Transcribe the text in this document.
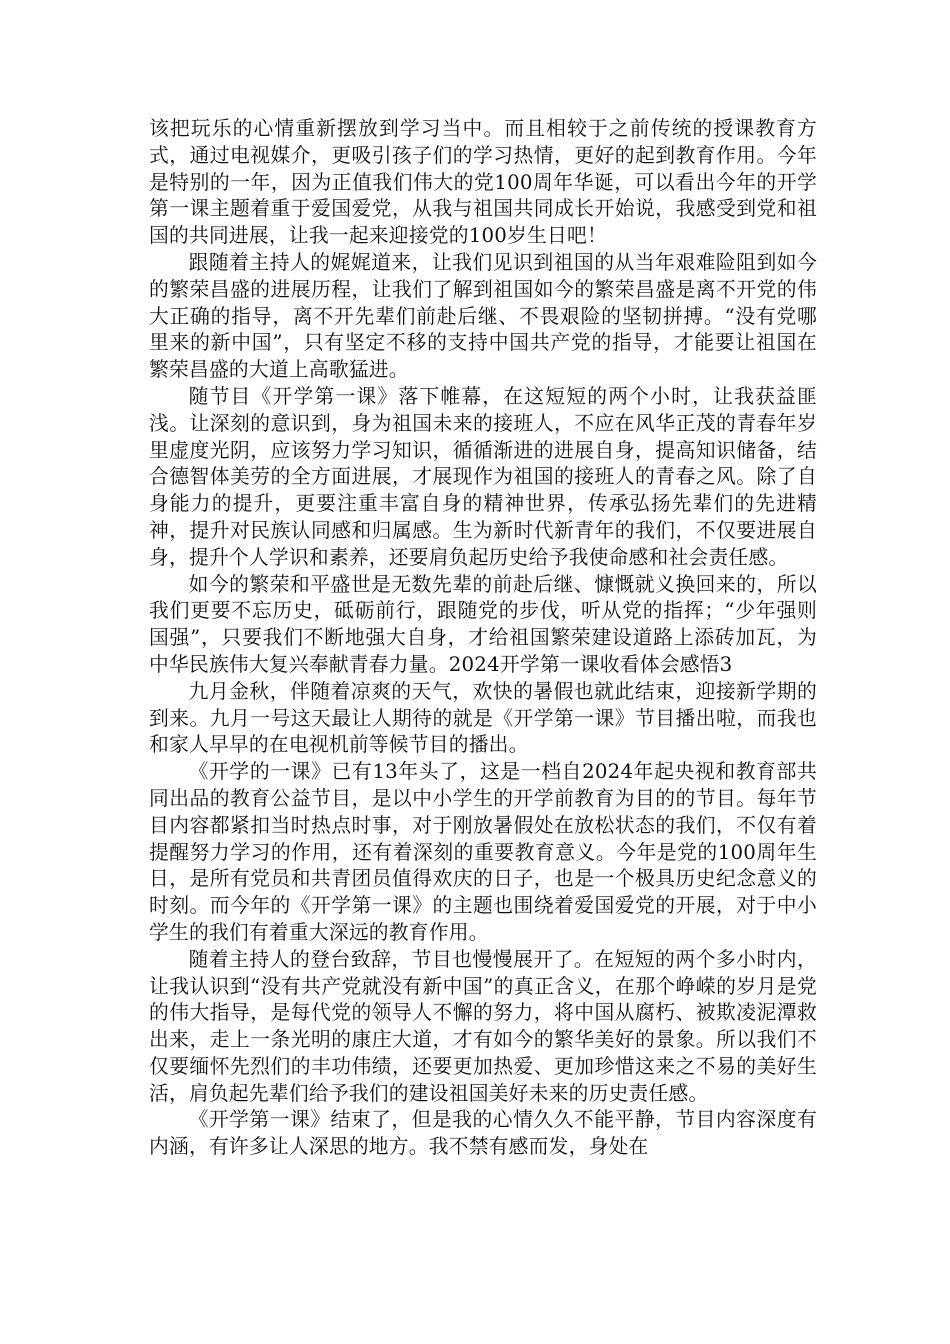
该把玩乐的心情重新摆放到学习当中。而且相较于之前传统的授课教育方式，通过电视媒介，更吸引孩子们的学习热情，更好的起到教育作用。今年是特别的一年，因为正值我们伟大的党100周年华诞，可以看出今年的开学第一课主题着重于爱国爱党，从我与祖国共同成长开始说，我感受到党和祖国的共同进展，让我一起来迎接党的100岁生日吧！

跟随着主持人的娓娓道来，让我们见识到祖国的从当年艰难险阻到如今的繁荣昌盛的进展历程，让我们了解到祖国如今的繁荣昌盛是离不开党的伟大正确的指导，离不开先辈们前赴后继、不畏艰险的坚韧拼搏。“没有党哪里来的新中国”，只有坚定不移的支持中国共产党的指导，才能要让祖国在繁荣昌盛的大道上高歌猛进。

随节目《开学第一课》落下帷幕，在这短短的两个小时，让我获益匪浅。让深刻的意识到，身为祖国未来的接班人，不应在风华正茂的青春年岁里虚度光阴，应该努力学习知识，循循渐进的进展自身，提高知识储备，结合德智体美劳的全方面进展，才展现作为祖国的接班人的青春之风。除了自身能力的提升，更要注重丰富自身的精神世界，传承弘扬先辈们的先进精神，提升对民族认同感和归属感。生为新时代新青年的我们，不仅要进展自身，提升个人学识和素养，还要肩负起历史给予我使命感和社会责任感。

如今的繁荣和平盛世是无数先辈的前赴后继、慷慨就义换回来的，所以我们更要不忘历史，砥砺前行，跟随党的步伐，听从党的指挥；“少年强则国强”，只要我们不断地强大自身，才给祖国繁荣建设道路上添砖加瓦，为中华民族伟大复兴奉献青春力量。2024开学第一课收看体会感悟3

九月金秋，伴随着凉爽的天气，欢快的暑假也就此结束，迎接新学期的到来。九月一号这天最让人期待的就是《开学第一课》节目播出啦，而我也和家人早早的在电视机前等候节目的播出。

《开学的一课》已有13年头了，这是一档自2024年起央视和教育部共同出品的教育公益节目，是以中小学生的开学前教育为目的的节目。每年节目内容都紧扣当时热点时事，对于刚放暑假处在放松状态的我们，不仅有着提醒努力学习的作用，还有着深刻的重要教育意义。今年是党的100周年生日，是所有党员和共青团员值得欢庆的日子，也是一个极具历史纪念意义的时刻。而今年的《开学第一课》的主题也围绕着爱国爱党的开展，对于中小学生的我们有着重大深远的教育作用。

随着主持人的登台致辞，节目也慢慢展开了。在短短的两个多小时内，让我认识到“没有共产党就没有新中国”的真正含义，在那个峥嵘的岁月是党的伟大指导，是每代党的领导人不懈的努力，将中国从腐朽、被欺凌泥潭救出来，走上一条光明的康庄大道，才有如今的繁华美好的景象。所以我们不仅要缅怀先烈们的丰功伟绩，还要更加热爱、更加珍惜这来之不易的美好生活，肩负起先辈们给予我们的建设祖国美好未来的历史责任感。

《开学第一课》结束了，但是我的心情久久不能平静，节目内容深度有内涵，有许多让人深思的地方。我不禁有感而发，身处在
